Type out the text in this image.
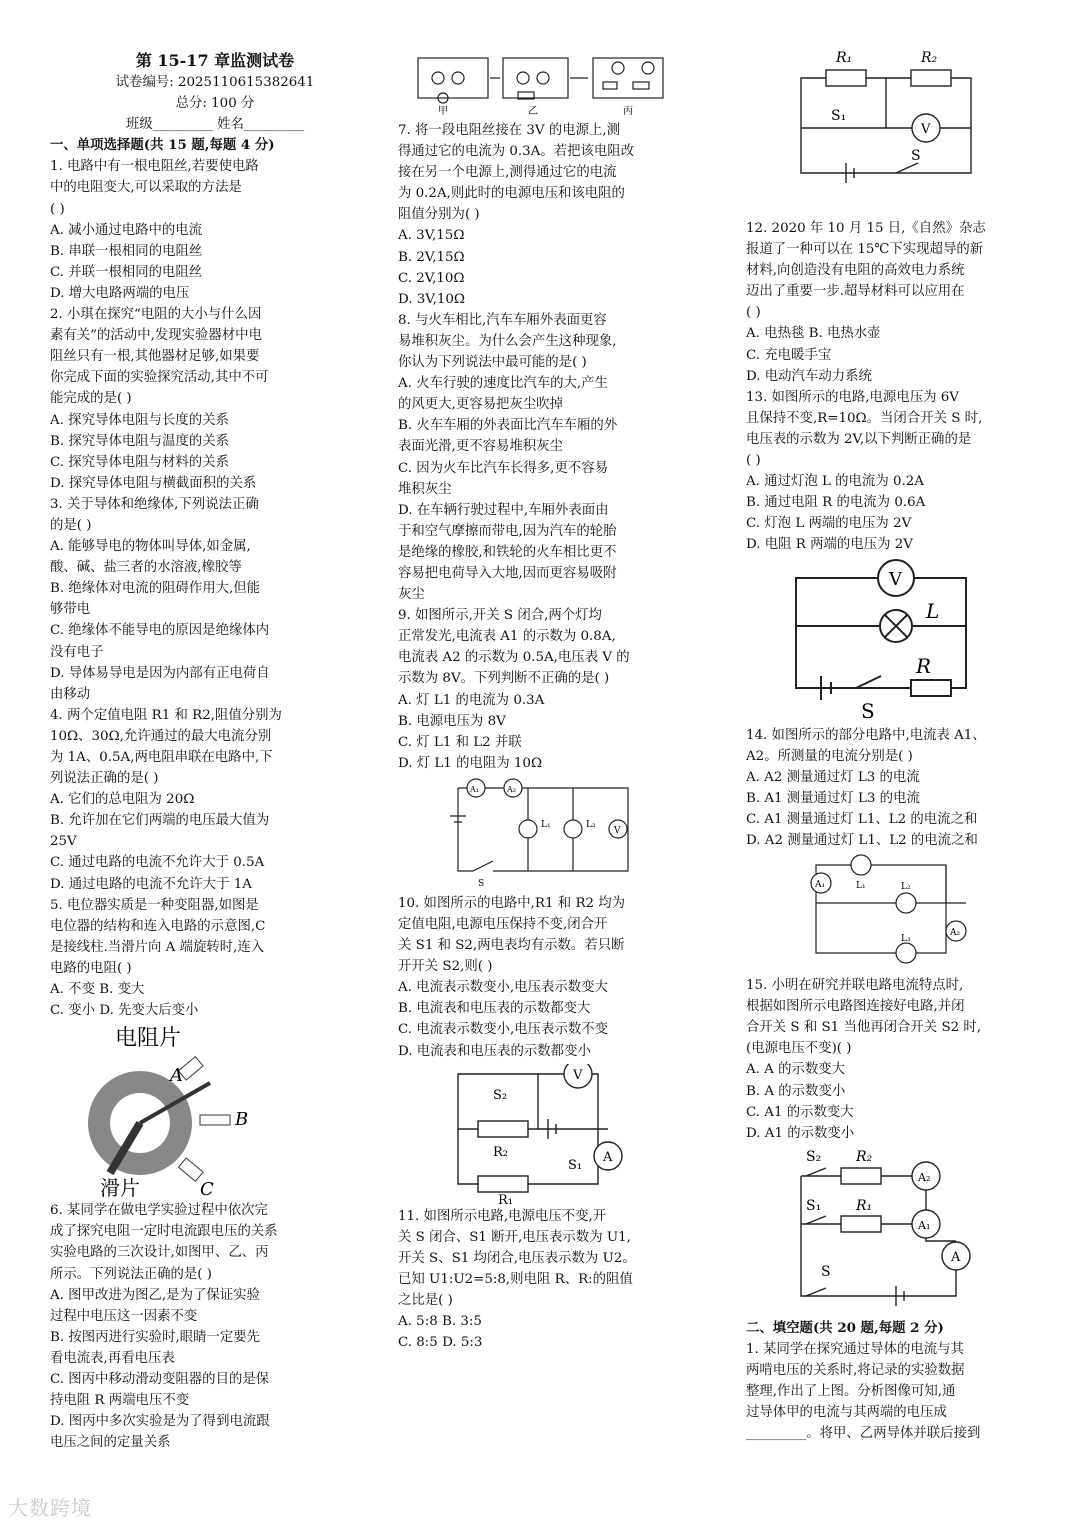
第 15-17 章监测试卷
试卷编号: 2025110615382641
总分: 100 分
班级_________ 姓名_________
一、单项选择题(共 15 题,每题 4 分)
1. 电路中有一根电阻丝,若要使电路
中的电阻变大,可以采取的方法是
( )
A. 减小通过电路中的电流
B. 串联一根相同的电阻丝
C. 并联一根相同的电阻丝
D. 增大电路两端的电压
2. 小琪在探究“电阻的大小与什么因
素有关”的活动中,发现实验器材中电
阻丝只有一根,其他器材足够,如果要
你完成下面的实验探究活动,其中不可
能完成的是( )
A. 探究导体电阻与长度的关系
B. 探究导体电阻与温度的关系
C. 探究导体电阻与材料的关系
D. 探究导体电阻与横截面积的关系
3. 关于导体和绝缘体,下列说法正确
的是( )
A. 能够导电的物体叫导体,如金属,
酸、碱、盐三者的水溶液,橡胶等
B. 绝缘体对电流的阻碍作用大,但能
够带电
C. 绝缘体不能导电的原因是绝缘体内
没有电子
D. 导体易导电是因为内部有正电荷自
由移动
4. 两个定值电阻 R1 和 R2,阻值分别为
10Ω、30Ω,允许通过的最大电流分别
为 1A、0.5A,两电阻串联在电路中,下
列说法正确的是( )
A. 它们的总电阻为 20Ω
B. 允许加在它们两端的电压最大值为
25V
C. 通过电路的电流不允许大于 0.5A
D. 通过电路的电流不允许大于 1A
5. 电位器实质是一种变阻器,如图是
电位器的结构和连入电路的示意图,C
是接线柱.当滑片向 A 端旋转时,连入
电路的电阻( )
A. 不变 B. 变大
C. 变小 D. 先变大后变小
电阻片
A
B
C
滑片
6. 某同学在做电学实验过程中依次完
成了探究电阻一定时电流跟电压的关系
实验电路的三次设计,如图甲、乙、丙
所示。下列说法正确的是( )
A. 图甲改进为图乙,是为了保证实验
过程中电压这一因素不变
B. 按图丙进行实验时,眼睛一定要先
看电流表,再看电压表
C. 图丙中移动滑动变阻器的目的是保
持电阻 R 两端电压不变
D. 图丙中多次实验是为了得到电流跟
电压之间的定量关系
甲	乙	丙
7. 将一段电阻丝接在 3V 的电源上,测
得通过它的电流为 0.3A。若把该电阻改
接在另一个电源上,测得通过它的电流
为 0.2A,则此时的电源电压和该电阻的
阻值分别为( )
A. 3V,15Ω
B. 2V,15Ω
C. 2V,10Ω
D. 3V,10Ω
8. 与火车相比,汽车车厢外表面更容
易堆积灰尘。为什么会产生这种现象,
你认为下列说法中最可能的是( )
A. 火车行驶的速度比汽车的大,产生
的风更大,更容易把灰尘吹掉
B. 火车车厢的外表面比汽车车厢的外
表面光滑,更不容易堆积灰尘
C. 因为火车比汽车长得多,更不容易
堆积灰尘
D. 在车辆行驶过程中,车厢外表面由
于和空气摩擦而带电,因为汽车的轮胎
是绝缘的橡胶,和铁轮的火车相比更不
容易把电荷导入大地,因而更容易吸附
灰尘
9. 如图所示,开关 S 闭合,两个灯均
正常发光,电流表 A1 的示数为 0.8A,
电流表 A2 的示数为 0.5A,电压表 V 的
示数为 8V。下列判断不正确的是( )
A. 灯 L1 的电流为 0.3A
B. 电源电压为 8V
C. 灯 L1 和 L2 并联
D. 灯 L1 的电阻为 10Ω
A₁	A₂
L₁	L₂
V
S
10. 如图所示的电路中,R1 和 R2 均为
定值电阻,电源电压保持不变,闭合开
关 S1 和 S2,两电表均有示数。若只断
开开关 S2,则( )
A. 电流表示数变小,电压表示数变大
B. 电流表和电压表的示数都变大
C. 电流表示数变小,电压表示数不变
D. 电流表和电压表的示数都变小
V
A
S₂
R₂
S₁
R₁
11. 如图所示电路,电源电压不变,开
关 S 闭合、S1 断开,电压表示数为 U1,
开关 S、S1 均闭合,电压表示数为 U2。
已知 U1:U2=5:8,则电阻 R、R:的阻值
之比是( )
A. 5:8 B. 3:5
C. 8:5 D. 5:3
R₁	R₂
S₁
V
S
12. 2020 年 10 月 15 日,《自然》杂志
报道了一种可以在 15℃下实现超导的新
材料,向创造没有电阻的高效电力系统
迈出了重要一步.超导材料可以应用在
( )
A. 电热毯 B. 电热水壶
C. 充电暖手宝
D. 电动汽车动力系统
13. 如图所示的电路,电源电压为 6V
且保持不变,R=10Ω。当闭合开关 S 时,
电压表的示数为 2V,以下判断正确的是
( )
A. 通过灯泡 L 的电流为 0.2A
B. 通过电阻 R 的电流为 0.6A
C. 灯泡 L 两端的电压为 2V
D. 电阻 R 两端的电压为 2V
V
L
R
S
14. 如图所示的部分电路中,电流表 A1、
A2。所测量的电流分别是( )
A. A2 测量通过灯 L3 的电流
B. A1 测量通过灯 L3 的电流
C. A1 测量通过灯 L1、L2 的电流之和
D. A2 测量通过灯 L1、L2 的电流之和
A₁	L₁	L₂
L₃
A₂
15. 小明在研究并联电路电流特点时,
根据如图所示电路图连接好电路,并闭
合开关 S 和 S1 当他再闭合开关 S2 时,
(电源电压不变)( )
A. A 的示数变大
B. A 的示数变小
C. A1 的示数变大
D. A1 的示数变小
S₂ R₂
S₁ R₁
A₂
A₁
A
S
二、填空题(共 20 题,每题 2 分)
1. 某同学在探究通过导体的电流与其
两啃电压的关系时,将记录的实验数据
整理,作出了上图。分析图像可知,通
过导体甲的电流与其两端的电压成
_________。将甲、乙两导体并联后接到
大数跨境
